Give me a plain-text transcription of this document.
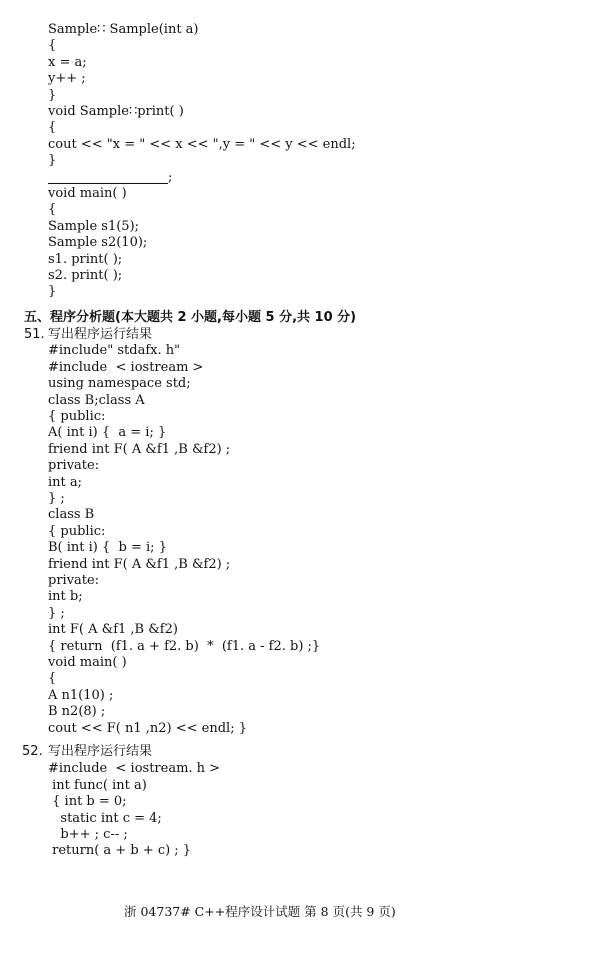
Sample∷ Sample(int a)
{
x = a;
y++ ;
}
void Sample∷print( )
{
cout << "x = " << x << ",y = " << y << endl;
}
;
void main( )
{
Sample s1(5);
Sample s2(10);
s1. print( );
s2. print( );
}
五、程序分析题(本大题共 2 小题,每小题 5 分,共 10 分)
51. 写出程序运行结果
#include" stdafx. h"
#include  < iostream >
using namespace std;
class B;class A
{ public:
A( int i) {  a = i; }
friend int F( A &f1 ,B &f2) ;
private:
int a;
} ;
class B
{ public:
B( int i) {  b = i; }
friend int F( A &f1 ,B &f2) ;
private:
int b;
} ;
int F( A &f1 ,B &f2)
{ return  (f1. a + f2. b)  *  (f1. a - f2. b) ;}
void main( )
{
A n1(10) ;
B n2(8) ;
cout << F( n1 ,n2) << endl; }
52. 写出程序运行结果
#include  < iostream. h >
int func( int a)
{ int b = 0;
static int c = 4;
b++ ; c-- ;
return( a + b + c) ; }
浙 04737# C++程序设计试题 第 8 页(共 9 页)
